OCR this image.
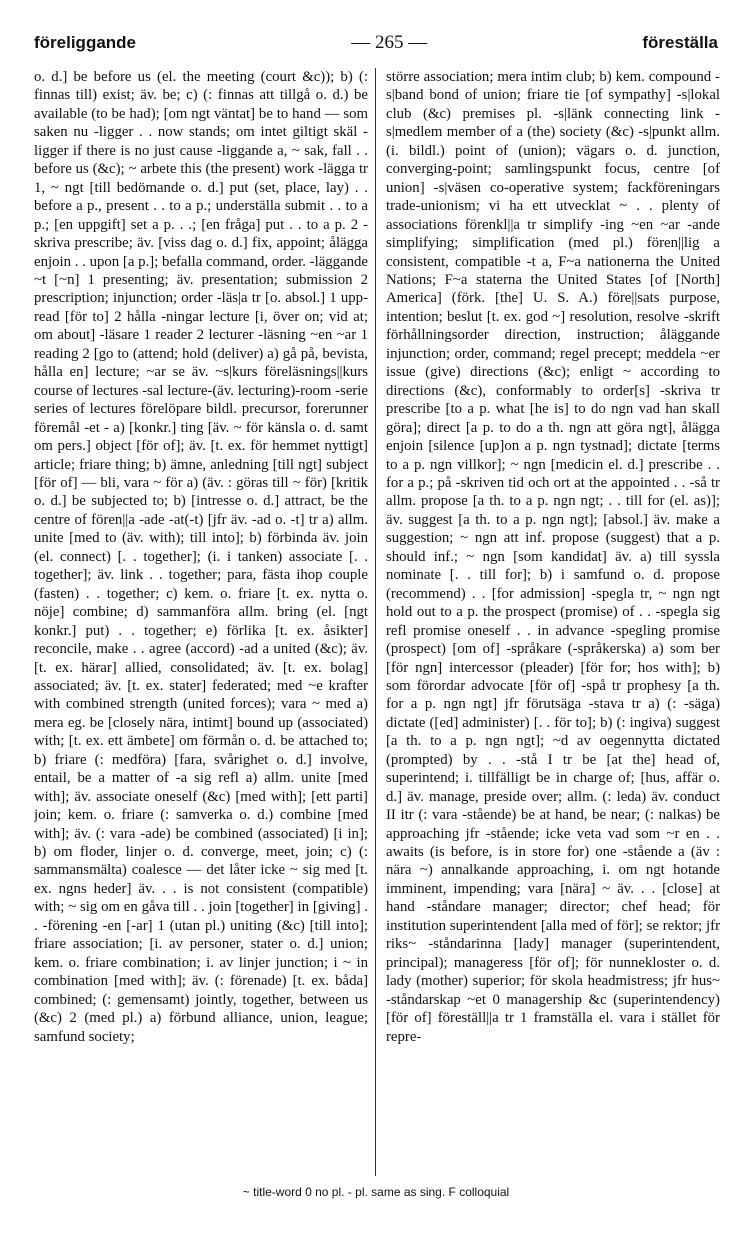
föreliggande	— 265 —	föreställa
o. d.] be before us (el. the meeting (court &c)); b) (: finnas till) exist; äv. be; c) (: finnas att tillgå o. d.) be available (to be had); [om ngt väntat] be to hand — som saken nu -ligger . . now stands; om intet giltigt skäl -ligger if there is no just cause -liggande a, ~ sak, fall . . before us (&c); ~ arbete this (the present) work -lägga tr 1, ~ ngt [till bedömande o. d.] put (set, place, lay) . . before a p., present . . to a p.; underställa submit . . to a p.; [en uppgift] set a p. . .; [en fråga] put . . to a p. 2 -skriva prescribe; äv. [viss dag o. d.] fix, appoint; ålägga enjoin . . upon [a p.]; befalla command, order. -läggande ~t [~n] 1 presenting; äv. presentation; submission 2 prescription; injunction; order -läs|a tr [o. absol.] 1 upp- read [för to] 2 hålla -ningar lecture [i, över on; vid at; om about] -läsare 1 reader 2 lecturer -läsning ~en ~ar 1 reading 2 [go to (attend; hold (deliver) a) gå på, bevista, hålla en] lecture; ~ar se äv. ~s|kurs föreläsnings||kurs course of lectures -sal lecture-(äv. lecturing)-room -serie series of lectures förelöpare bildl. precursor, forerunner föremål -et - a) [konkr.] ting [äv. ~ för känsla o. d. samt om pers.] object [för of]; äv. [t. ex. för hemmet nyttigt] article; friare thing; b) ämne, anledning [till ngt] subject [för of] — bli, vara ~ för a) (äv. : göras till ~ för) [kritik o. d.] be subjected to; b) [intresse o. d.] attract, be the centre of fören||a -ade -at(-t) [jfr äv. -ad o. -t] tr a) allm. unite [med to (äv. with); till into]; b) förbinda äv. join (el. connect) [. . together]; (i. i tanken) associate [. . together]; äv. link . . together; para, fästa ihop couple (fasten) . . together; c) kem. o. friare [t. ex. nytta o. nöje] combine; d) sammanföra allm. bring (el. [ngt konkr.] put) . . together; e) förlika [t. ex. åsikter] reconcile, make . . agree (accord) -ad a united (&c); äv. [t. ex. härar] allied, consolidated; äv. [t. ex. bolag] associated; äv. [t. ex. stater] federated; med ~e krafter with combined strength (united forces); vara ~ med a) mera eg. be [closely nära, intimt] bound up (associated) with; [t. ex. ett ämbete] om förmån o. d. be attached to; b) friare (: medföra) [fara, svårighet o. d.] involve, entail, be a matter of -a sig refl a) allm. unite [med with]; äv. associate oneself (&c) [med with]; [ett parti] join; kem. o. friare (: samverka o. d.) combine [med with]; äv. (: vara -ade) be combined (associated) [i in]; b) om floder, linjer o. d. converge, meet, join; c) (: sammansmälta) coalesce — det låter icke ~ sig med [t. ex. ngns heder] äv. . . is not consistent (compatible) with; ~ sig om en gåva till . . join [together] in [giving] . . -förening -en [-ar] 1 (utan pl.) uniting (&c) [till into]; friare association; [i. av personer, stater o. d.] union; kem. o. friare combination; i. av linjer junction; i ~ in combination [med with]; äv. (: förenade) [t. ex. båda] combined; (: gemensamt) jointly, together, between us (&c) 2 (med pl.) a) förbund alliance, union, league; samfund society;
större association; mera intim club; b) kem. compound -s|band bond of union; friare tie [of sympathy] -s|lokal club (&c) premises pl. -s|länk connecting link -s|medlem member of a (the) society (&c) -s|punkt allm. (i. bildl.) point of (union); vägars o. d. junction, converging-point; samlingspunkt focus, centre [of union] -s|väsen co-operative system; fackföreningars trade-unionism; vi ha ett utvecklat ~ . . plenty of associations förenkl||a tr simplify -ing ~en ~ar -ande simplifying; simplification (med pl.) fören||lig a consistent, compatible -t a, F~a nationerna the United Nations; F~a staterna the United States [of [North] America] (förk. [the] U. S. A.) före||sats purpose, intention; beslut [t. ex. god ~] resolution, resolve -skrift förhållningsorder direction, instruction; åläggande injunction; order, command; regel precept; meddela ~er issue (give) directions (&c); enligt ~ according to directions (&c), conformably to order[s] -skriva tr prescribe [to a p. what [he is] to do ngn vad han skall göra]; direct [a p. to do a th. ngn att göra ngt], ålägga enjoin [silence [up]on a p. ngn tystnad]; dictate [terms to a p. ngn villkor]; ~ ngn [medicin el. d.] prescribe . . for a p.; på -skriven tid och ort at the appointed . . -så tr allm. propose [a th. to a p. ngn ngt; . . till for (el. as)]; äv. suggest [a th. to a p. ngn ngt]; [absol.] äv. make a suggestion; ~ ngn att inf. propose (suggest) that a p. should inf.; ~ ngn [som kandidat] äv. a) till sysslа nominate [. . till for]; b) i samfund o. d. propose (recommend) . . [for admission] -spegla tr, ~ ngn ngt hold out to a p. the prospect (promise) of . . -spegla sig refl promise oneself . . in advance -spegling promise (prospect) [om of] -språkare (-språkerska) a) som ber [för ngn] intercessor (pleader) [för for; hos with]; b) som förordar advocate [för of] -spå tr prophesy [a th. for a p. ngn ngt] jfr förutsäga -stava tr a) (: -säga) dictate ([ed] administer) [. . för to]; b) (: ingiva) suggest [a th. to a p. ngn ngt]; ~d av oegennytta dictated (prompted) by . . -stå I tr be [at the] head of, superintend; i. tillfälligt be in charge of; [hus, affär o. d.] äv. manage, preside over; allm. (: leda) äv. conduct II itr (: vara -stående) be at hand, be near; (: nalkas) be approaching jfr -stående; icke veta vad som ~r en . . awaits (is before, is in store for) one -stående a (äv : nära ~) annalkande approaching, i. om ngt hotande imminent, impending; vara [nära] ~ äv. . . [close] at hand -ståndare manager; director; chef head; för institution superintendent [alla med of för]; se rektor; jfr riks~ -ståndarinna [lady] manager (superintendent, principal); manageress [för of]; för nunnekloster o. d. lady (mother) superior; för skola headmistress; jfr hus~ -ståndarskap ~et 0 managership &c (superintendency) [för of] föreställ||a tr 1 framställa el. vara i stället för repre-
~ title-word 0 no pl. - pl. same as sing. F colloquial
